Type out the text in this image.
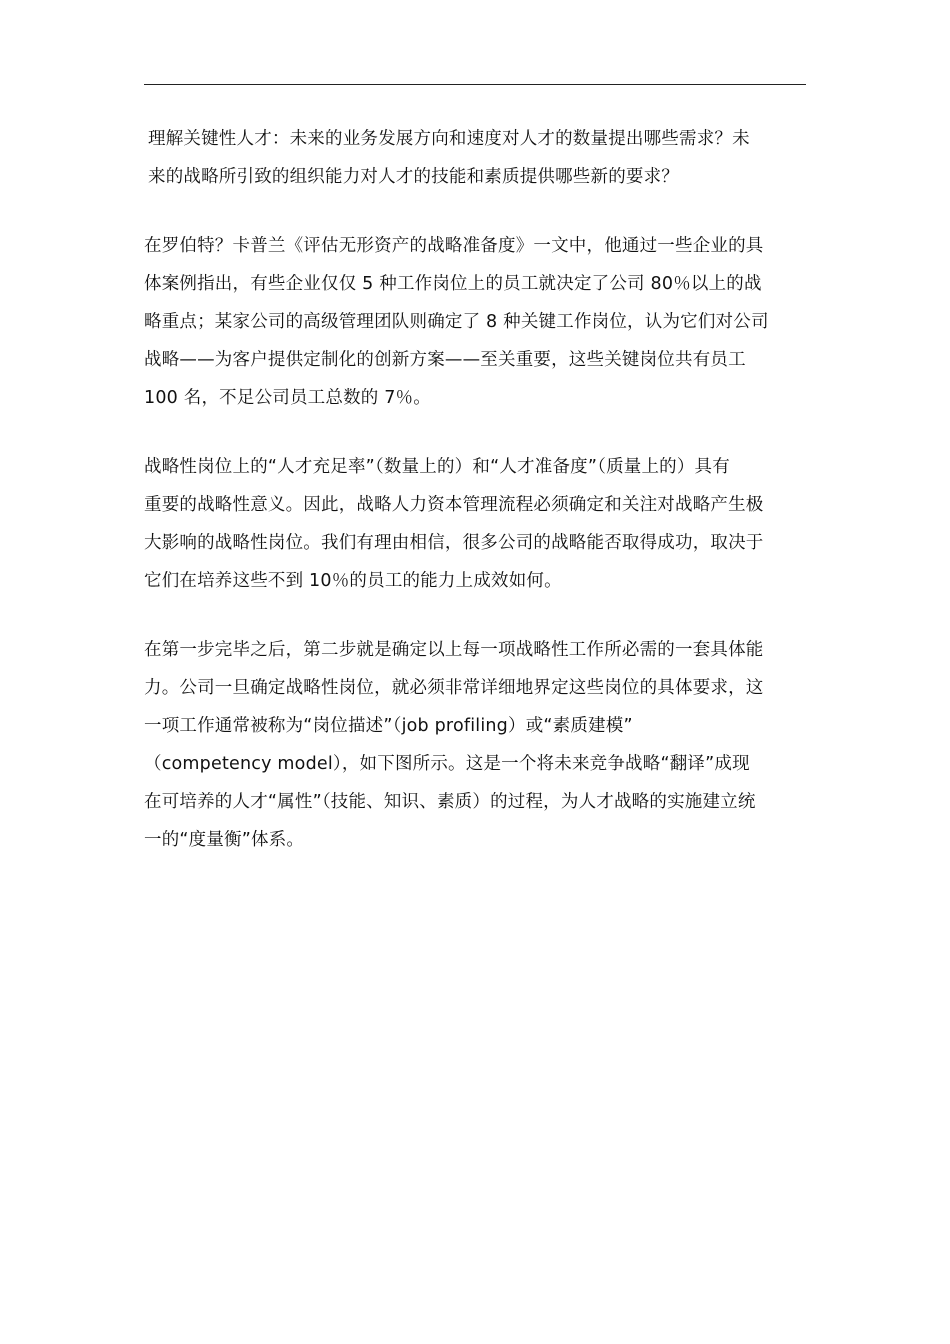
理解关键性人才：未来的业务发展方向和速度对人才的数量提出哪些需求？未
来的战略所引致的组织能力对人才的技能和素质提供哪些新的要求？

在罗伯特？卡普兰《评估无形资产的战略准备度》一文中，他通过一些企业的具
体案例指出，有些企业仅仅 5 种工作岗位上的员工就决定了公司 80％以上的战
略重点；某家公司的高级管理团队则确定了 8 种关键工作岗位，认为它们对公司
战略——为客户提供定制化的创新方案——至关重要，这些关键岗位共有员工
100 名，不足公司员工总数的 7％。

战略性岗位上的“人才充足率”（数量上的）和“人才准备度”（质量上的）具有
重要的战略性意义。因此，战略人力资本管理流程必须确定和关注对战略产生极
大影响的战略性岗位。我们有理由相信，很多公司的战略能否取得成功，取决于
它们在培养这些不到 10％的员工的能力上成效如何。

在第一步完毕之后，第二步就是确定以上每一项战略性工作所必需的一套具体能
力。公司一旦确定战略性岗位，就必须非常详细地界定这些岗位的具体要求，这
一项工作通常被称为“岗位描述”（job profiling）或“素质建模”
（competency model），如下图所示。这是一个将未来竞争战略“翻译”成现
在可培养的人才“属性”（技能、知识、素质）的过程，为人才战略的实施建立统
一的“度量衡”体系。
